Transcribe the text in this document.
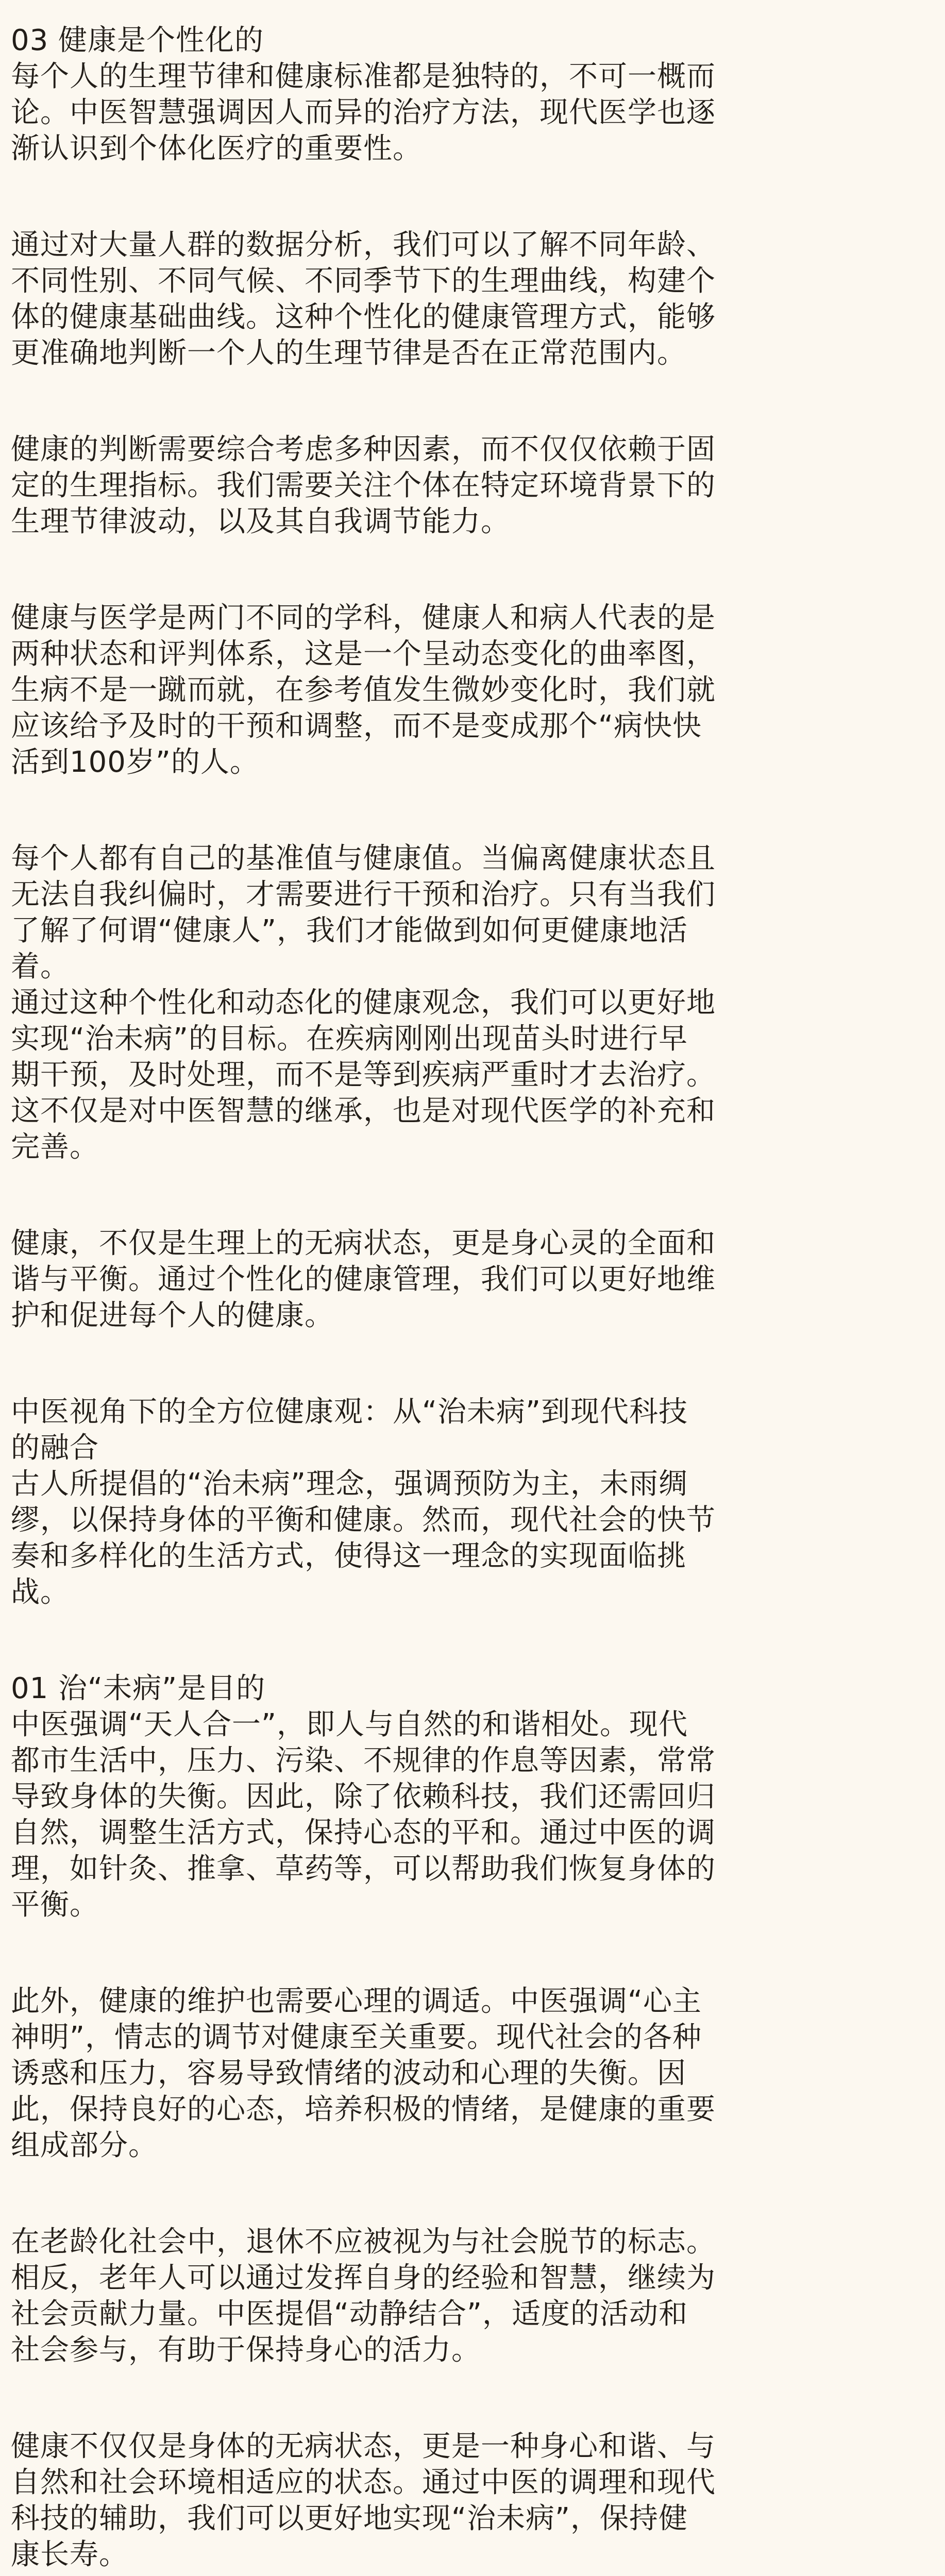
03 健康是个性化的
每个人的生理节律和健康标准都是独特的，不可一概而
论。中医智慧强调因人而异的治疗方法，现代医学也逐
渐认识到个体化医疗的重要性。
通过对大量人群的数据分析，我们可以了解不同年龄、
不同性别、不同气候、不同季节下的生理曲线，构建个
体的健康基础曲线。这种个性化的健康管理方式，能够
更准确地判断一个人的生理节律是否在正常范围内。
健康的判断需要综合考虑多种因素，而不仅仅依赖于固
定的生理指标。我们需要关注个体在特定环境背景下的
生理节律波动，以及其自我调节能力。
健康与医学是两门不同的学科，健康人和病人代表的是
两种状态和评判体系，这是一个呈动态变化的曲率图，
生病不是一蹴而就，在参考值发生微妙变化时，我们就
应该给予及时的干预和调整，而不是变成那个“病快快
活到100岁”的人。
每个人都有自己的基准值与健康值。当偏离健康状态且
无法自我纠偏时，才需要进行干预和治疗。只有当我们
了解了何谓“健康人”，我们才能做到如何更健康地活
着。
通过这种个性化和动态化的健康观念，我们可以更好地
实现“治未病”的目标。在疾病刚刚出现苗头时进行早
期干预，及时处理，而不是等到疾病严重时才去治疗。
这不仅是对中医智慧的继承，也是对现代医学的补充和
完善。
健康，不仅是生理上的无病状态，更是身心灵的全面和
谐与平衡。通过个性化的健康管理，我们可以更好地维
护和促进每个人的健康。
中医视角下的全方位健康观：从“治未病”到现代科技
的融合
古人所提倡的“治未病”理念，强调预防为主，未雨绸
缪，以保持身体的平衡和健康。然而，现代社会的快节
奏和多样化的生活方式，使得这一理念的实现面临挑
战。
01 治“未病”是目的
中医强调“天人合一”，即人与自然的和谐相处。现代
都市生活中，压力、污染、不规律的作息等因素，常常
导致身体的失衡。因此，除了依赖科技，我们还需回归
自然，调整生活方式，保持心态的平和。通过中医的调
理，如针灸、推拿、草药等，可以帮助我们恢复身体的
平衡。
此外，健康的维护也需要心理的调适。中医强调“心主
神明”，情志的调节对健康至关重要。现代社会的各种
诱惑和压力，容易导致情绪的波动和心理的失衡。因
此，保持良好的心态，培养积极的情绪，是健康的重要
组成部分。
在老龄化社会中，退休不应被视为与社会脱节的标志。
相反，老年人可以通过发挥自身的经验和智慧，继续为
社会贡献力量。中医提倡“动静结合”，适度的活动和
社会参与，有助于保持身心的活力。
健康不仅仅是身体的无病状态，更是一种身心和谐、与
自然和社会环境相适应的状态。通过中医的调理和现代
科技的辅助，我们可以更好地实现“治未病”，保持健
康长寿。
